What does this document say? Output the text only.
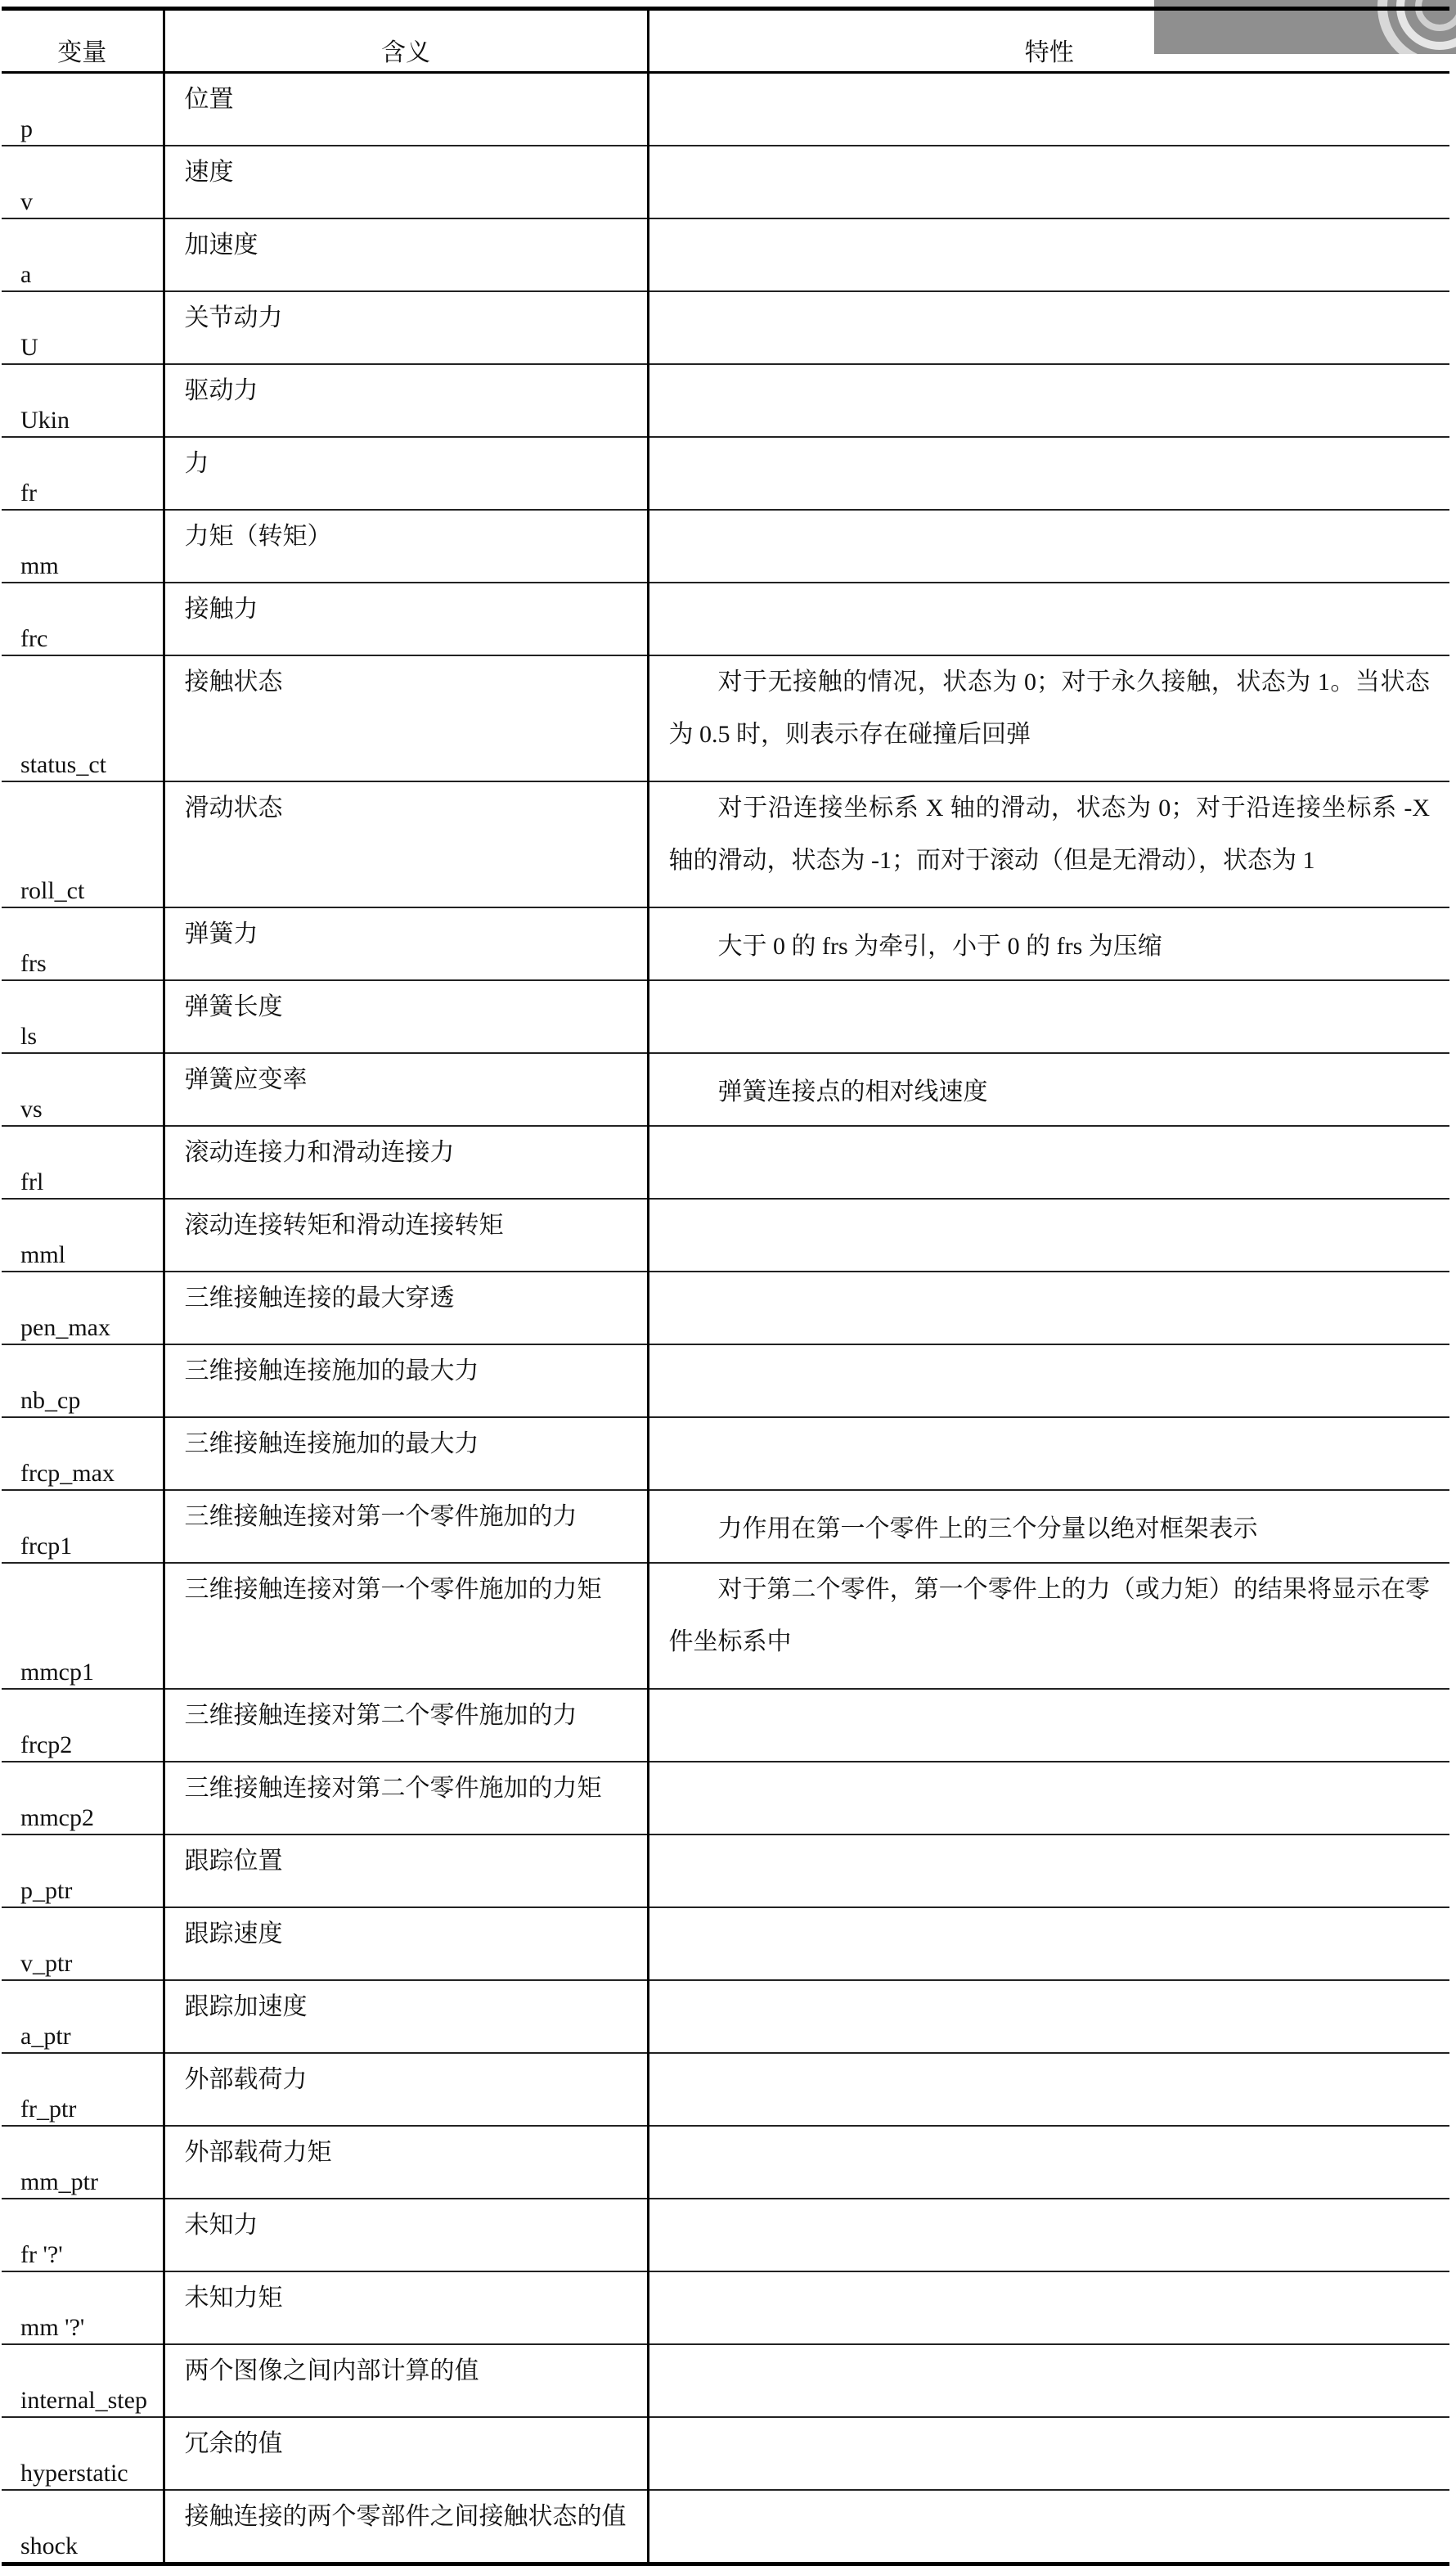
变量	含义	特性

p	位置	

v	速度	

a	加速度	

U	关节动力	

Ukin	驱动力	

fr	力	

mm	力矩（转矩）	

frc	接触力	

status_ct	接触状态	对于无接触的情况，状态为 0；对于永久接触，状态为 1。当状态为 0.5 时，则表示存在碰撞后回弹

roll_ct	滑动状态	对于沿连接坐标系 X 轴的滑动，状态为 0；对于沿连接坐标系 -X 轴的滑动，状态为 -1；而对于滚动（但是无滑动），状态为 1

frs	弹簧力	大于 0 的 frs 为牵引，小于 0 的 frs 为压缩

ls	弹簧长度	

vs	弹簧应变率	弹簧连接点的相对线速度

frl	滚动连接力和滑动连接力	

mml	滚动连接转矩和滑动连接转矩	

pen_max	三维接触连接的最大穿透	

nb_cp	三维接触连接施加的最大力	

frcp_max	三维接触连接施加的最大力	

frcp1	三维接触连接对第一个零件施加的力	力作用在第一个零件上的三个分量以绝对框架表示

mmcp1	三维接触连接对第一个零件施加的力矩	对于第二个零件，第一个零件上的力（或力矩）的结果将显示在零件坐标系中

frcp2	三维接触连接对第二个零件施加的力	

mmcp2	三维接触连接对第二个零件施加的力矩	

p_ptr	跟踪位置	

v_ptr	跟踪速度	

a_ptr	跟踪加速度	

fr_ptr	外部载荷力	

mm_ptr	外部载荷力矩	

fr '?'	未知力	

mm '?'	未知力矩	

internal_step	两个图像之间内部计算的值	

hyperstatic	冗余的值	

shock	接触连接的两个零部件之间接触状态的值	
